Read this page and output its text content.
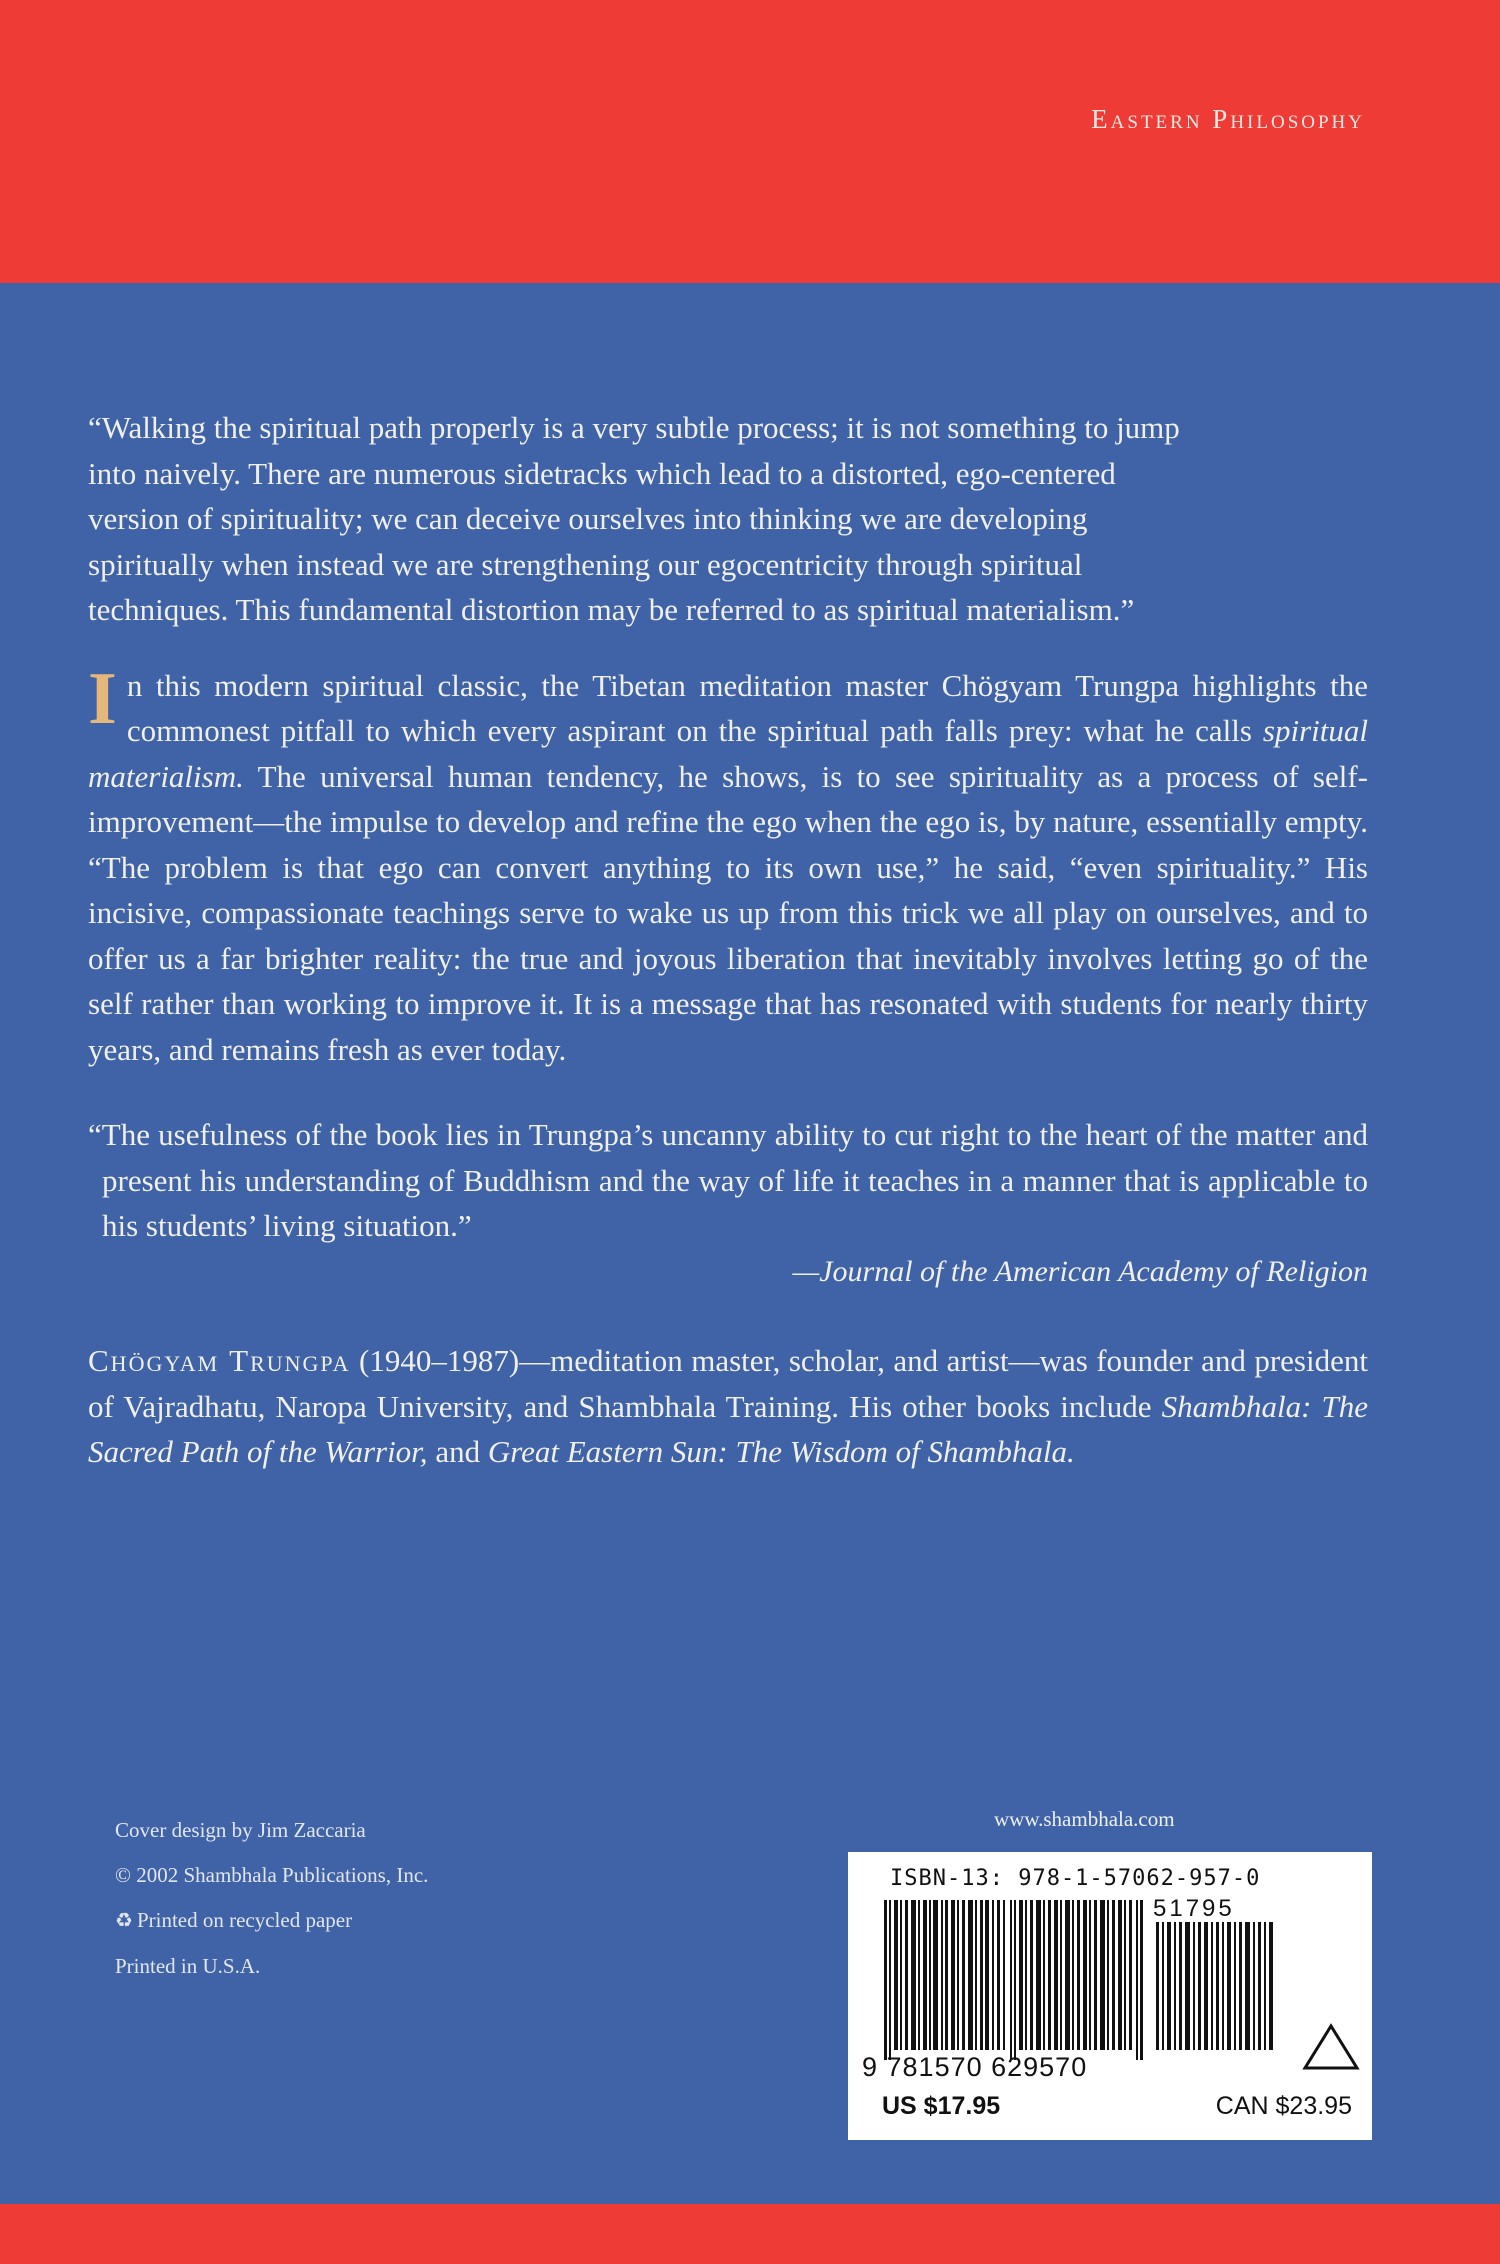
Eastern Philosophy
“Walking the spiritual path properly is a very subtle process; it is not something to jump
into naively. There are numerous sidetracks which lead to a distorted, ego-centered
version of spirituality; we can deceive ourselves into thinking we are developing
spiritually when instead we are strengthening our egocentricity through spiritual
techniques. This fundamental distortion may be referred to as spiritual materialism.”
In this modern spiritual classic, the Tibetan meditation master Chögyam Trungpa highlights the commonest pitfall to which every aspirant on the spiritual path falls prey: what he calls spiritual materialism. The universal human tendency, he shows, is to see spirituality as a process of self-improvement—the impulse to develop and refine the ego when the ego is, by nature, essentially empty. “The problem is that ego can convert anything to its own use,” he said, “even spirituality.” His incisive, compassionate teachings serve to wake us up from this trick we all play on ourselves, and to offer us a far brighter reality: the true and joyous liberation that inevitably involves letting go of the self rather than working to improve it. It is a message that has resonated with students for nearly thirty years, and remains fresh as ever today.
“The usefulness of the book lies in Trungpa’s uncanny ability to cut right to the heart of the matter and present his understanding of Buddhism and the way of life it teaches in a manner that is applicable to his students’ living situation.”
—Journal of the American Academy of Religion
Chögyam Trungpa (1940–1987)—meditation master, scholar, and artist—was founder and president of Vajradhatu, Naropa University, and Shambhala Training. His other books include Shambhala: The Sacred Path of the Warrior, and Great Eastern Sun: The Wisdom of Shambhala.
Cover design by Jim Zaccaria
© 2002 Shambhala Publications, Inc.
♻ Printed on recycled paper
Printed in U.S.A.
www.shambhala.com
ISBN-13: 978-1-57062-957-0
51795
9 781570 629570
US $17.95	CAN $23.95
